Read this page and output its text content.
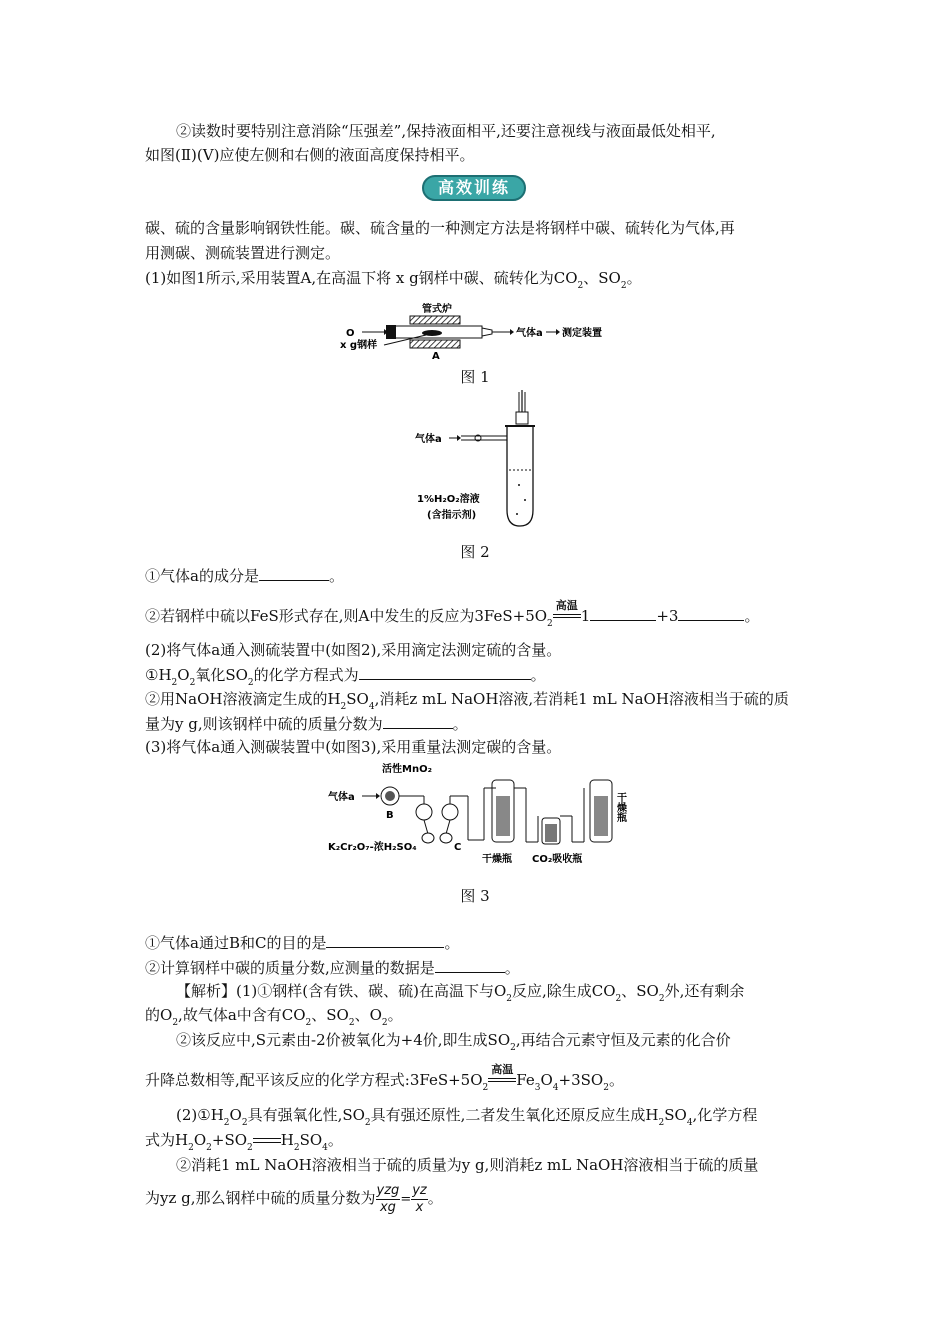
②读数时要特别注意消除“压强差”,保持液面相平,还要注意视线与液面最低处相平,
如图(Ⅱ)(Ⅴ)应使左侧和右侧的液面高度保持相平。
高效训练
碳、硫的含量影响钢铁性能。碳、硫含量的一种测定方法是将钢样中碳、硫转化为气体,再
用测碳、测硫装置进行测定。
(1)如图1所示,采用装置A,在高温下将 x g钢样中碳、硫转化为$CO_2$、$SO_2$。
管式炉
O	气体a 测定装置
x g钢样
A
图 1
气体a
1%H₂O₂溶液
(含指示剂)
图 2
①气体a的成分是	。
②若钢样中硫以FeS形式存在,则A中发生的反应为$3FeS+5O_2$
高温
1	+3	。
(2)将气体a通入测硫装置中(如图2),采用滴定法测定硫的含量。
$①H_2O_2$氧化$SO_2$的化学方程式为	。
②用NaOH溶液滴定生成的$H_2SO_4$,消耗z mL NaOH溶液,若消耗1 mL NaOH溶液相当于硫的质
量为y g,则该钢样中硫的质量分数为	。
(3)将气体a通入测碳装置中(如图3),采用重量法测定碳的含量。
活性MnO₂
气体a
B
C
K₂Cr₂O₇-浓H₂SO₄
干燥瓶 CO₂吸收瓶
干燥瓶
图 3
①气体a通过B和C的目的是	。
②计算钢样中碳的质量分数,应测量的数据是	。
【解析】(1)①钢样(含有铁、碳、硫)在高温下与$O_2$反应,除生成$CO_2$、$SO_2$外,还有剩余
的$O_2$,故气体a中含有$CO_2$、$SO_2$、$O_2$。
②该反应中,S元素由-2价被氧化为+4价,即生成$SO_2$,再结合元素守恒及元素的化合价
升降总数相等,配平该反应的化学方程式$:3FeS+5O_2$
高温
$Fe_3O_4+3SO_2$。
$(2)①H_2O_2$具有强氧化性$,SO_2$具有强还原性,二者发生氧化还原反应生成$H_2SO_4$,化学方程
式为$H_2O_2+SO_2$ $H_2SO_4$。
②消耗1 mL NaOH溶液相当于硫的质量为y g,则消耗z mL NaOH溶液相当于硫的质量
为yz g,那么钢样中硫的质量分数为 $\frac{\text{yzg}}{xg} = \frac{yz}{x}$ 。
